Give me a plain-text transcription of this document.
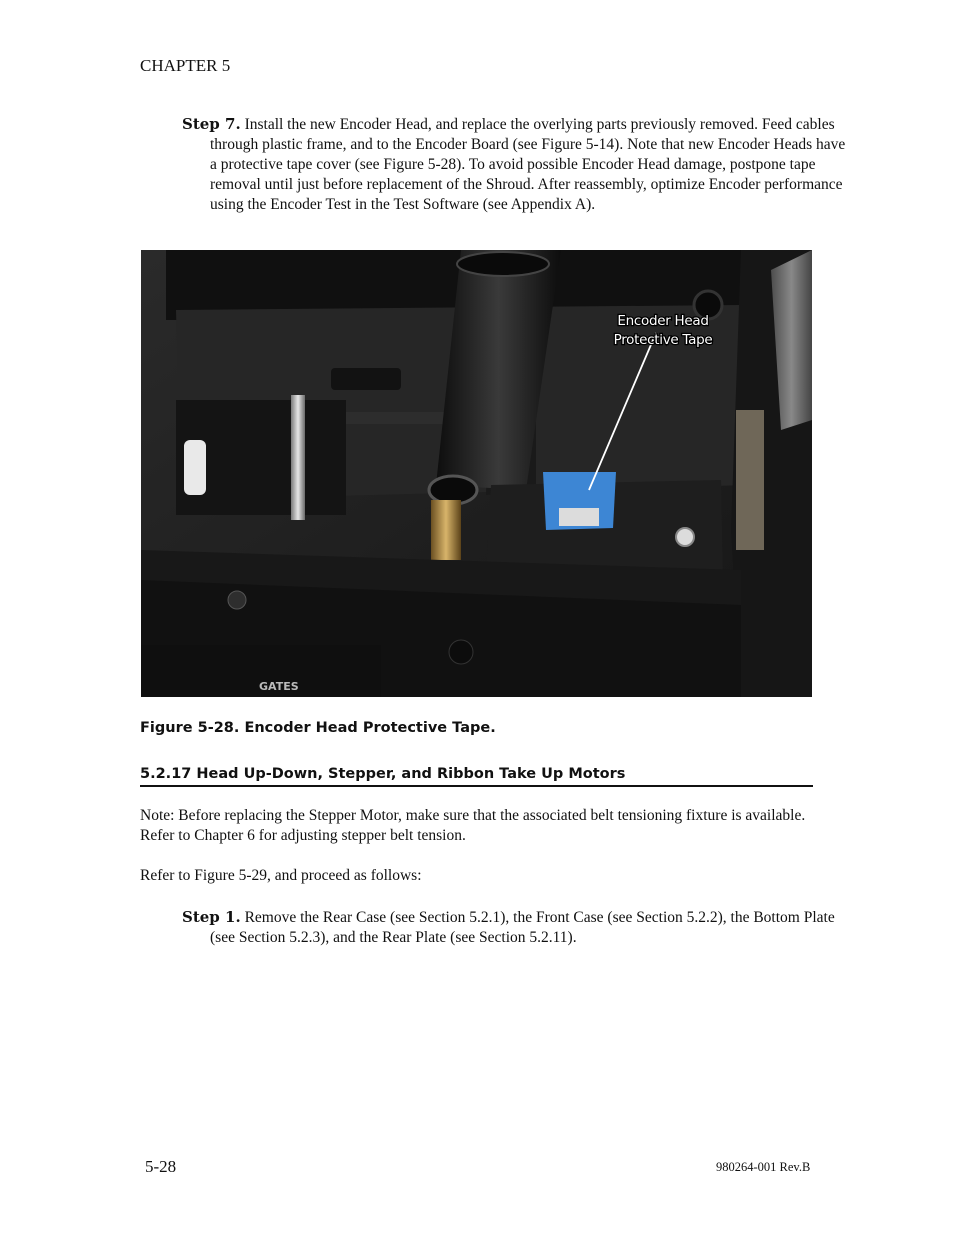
CHAPTER 5
Step 7. Install the new Encoder Head, and replace the overlying parts previously removed. Feed cables through plastic frame, and to the Encoder Board (see Figure 5-14). Note that new Encoder Heads have a protective tape cover (see Figure 5-28). To avoid possible Encoder Head damage, postpone tape removal until just before replacement of the Shroud. After reassembly, optimize Encoder performance using the Encoder Test in the Test Software (see Appendix A).
GATES
Encoder Head
Protective Tape
Figure 5-28. Encoder Head Protective Tape.
5.2.17 Head Up-Down, Stepper, and Ribbon Take Up Motors
Note: Before replacing the Stepper Motor, make sure that the associated belt tensioning fixture is available. Refer to Chapter 6 for adjusting stepper belt tension.
Refer to Figure 5-29, and proceed as follows:
Step 1. Remove the Rear Case (see Section 5.2.1), the Front Case (see Section 5.2.2), the Bottom Plate (see Section 5.2.3), and the Rear Plate (see Section 5.2.11).
5-28	980264-001 Rev.B
